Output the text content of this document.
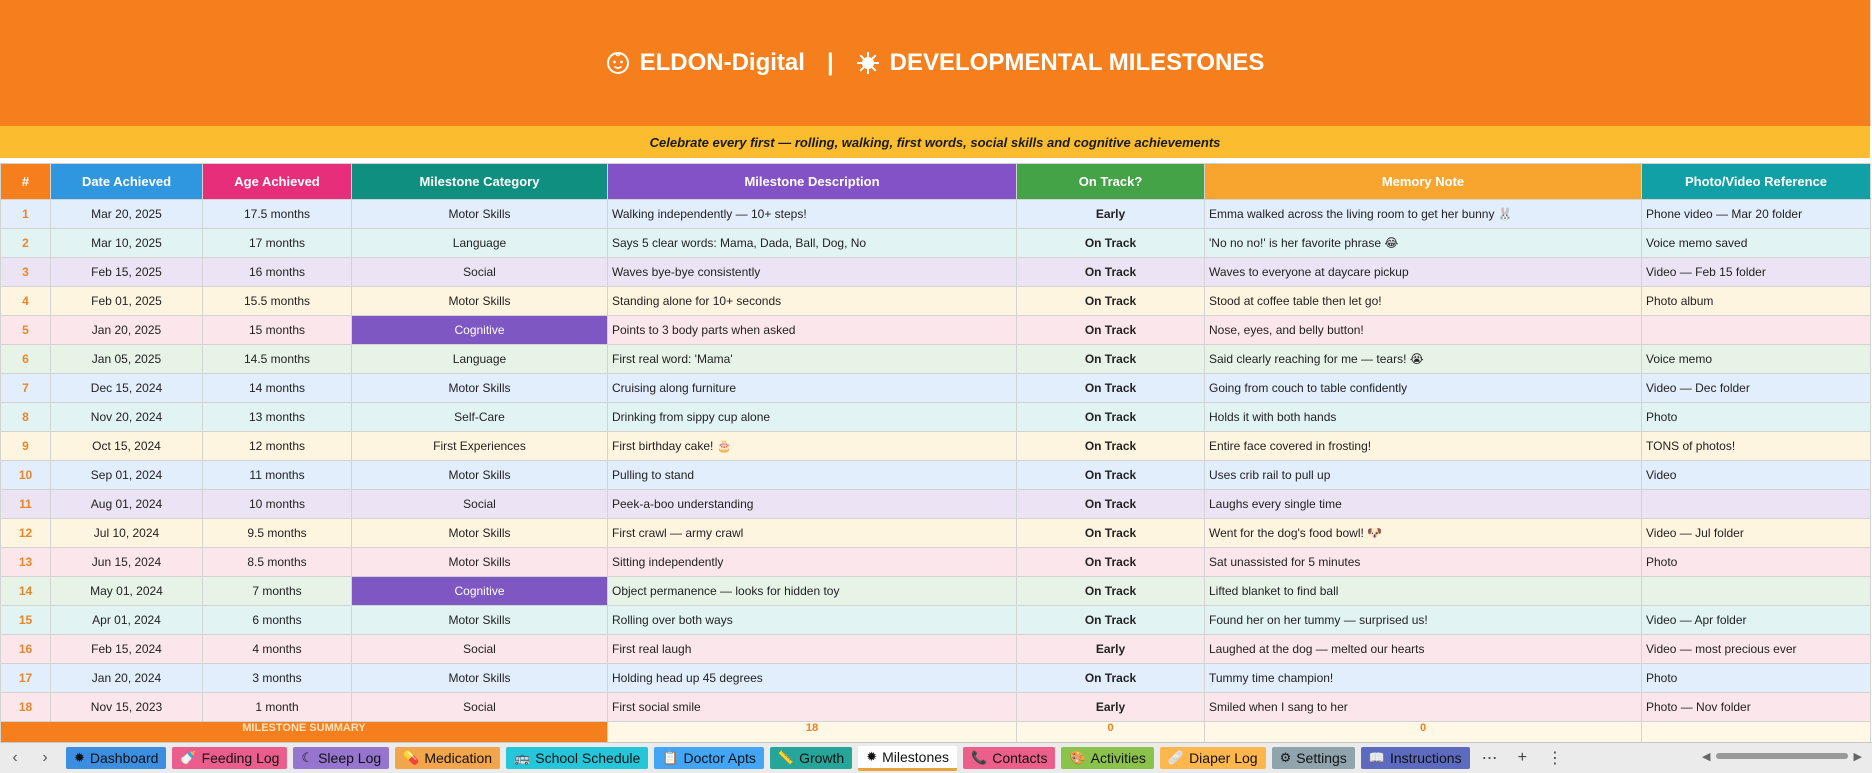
ELDON-Digital | DEVELOPMENTAL MILESTONES
Celebrate every first — rolling, walking, first words, social skills and cognitive achievements
#	Date Achieved	Age Achieved	Milestone Category	Milestone Description	On Track?	Memory Note	Photo/Video Reference
1	Mar 20, 2025	17.5 months	Motor Skills	Walking independently — 10+ steps!	Early	Emma walked across the living room to get her bunny 🐰	Phone video — Mar 20 folder
2	Mar 10, 2025	17 months	Language	Says 5 clear words: Mama, Dada, Ball, Dog, No	On Track	'No no no!' is her favorite phrase 😂	Voice memo saved
3	Feb 15, 2025	16 months	Social	Waves bye-bye consistently	On Track	Waves to everyone at daycare pickup	Video — Feb 15 folder
4	Feb 01, 2025	15.5 months	Motor Skills	Standing alone for 10+ seconds	On Track	Stood at coffee table then let go!	Photo album
5	Jan 20, 2025	15 months	Cognitive	Points to 3 body parts when asked	On Track	Nose, eyes, and belly button!	
6	Jan 05, 2025	14.5 months	Language	First real word: 'Mama'	On Track	Said clearly reaching for me — tears! 😭	Voice memo
7	Dec 15, 2024	14 months	Motor Skills	Cruising along furniture	On Track	Going from couch to table confidently	Video — Dec folder
8	Nov 20, 2024	13 months	Self-Care	Drinking from sippy cup alone	On Track	Holds it with both hands	Photo
9	Oct 15, 2024	12 months	First Experiences	First birthday cake! 🎂	On Track	Entire face covered in frosting!	TONS of photos!
10	Sep 01, 2024	11 months	Motor Skills	Pulling to stand	On Track	Uses crib rail to pull up	Video
11	Aug 01, 2024	10 months	Social	Peek-a-boo understanding	On Track	Laughs every single time	
12	Jul 10, 2024	9.5 months	Motor Skills	First crawl — army crawl	On Track	Went for the dog's food bowl! 🐶	Video — Jul folder
13	Jun 15, 2024	8.5 months	Motor Skills	Sitting independently	On Track	Sat unassisted for 5 minutes	Photo
14	May 01, 2024	7 months	Cognitive	Object permanence — looks for hidden toy	On Track	Lifted blanket to find ball	
15	Apr 01, 2024	6 months	Motor Skills	Rolling over both ways	On Track	Found her on her tummy — surprised us!	Video — Apr folder
16	Feb 15, 2024	4 months	Social	First real laugh	Early	Laughed at the dog — melted our hearts	Video — most precious ever
17	Jan 20, 2024	3 months	Motor Skills	Holding head up 45 degrees	On Track	Tummy time champion!	Photo
18	Nov 15, 2023	1 month	Social	First social smile	Early	Smiled when I sang to her	Photo — Nov folder
MILESTONE SUMMARY				18	0	0	
‹	›	✹ Dashboard 🍼 Feeding Log ☾ Sleep Log 💊 Medication 🚌 School Schedule 📋 Doctor Apts 📏 Growth ✹ Milestones 📞 Contacts 🎨 Activities 🩹 Diaper Log ⚙ Settings 📖 Instructions ⋯ + ⋮	◀	▶
